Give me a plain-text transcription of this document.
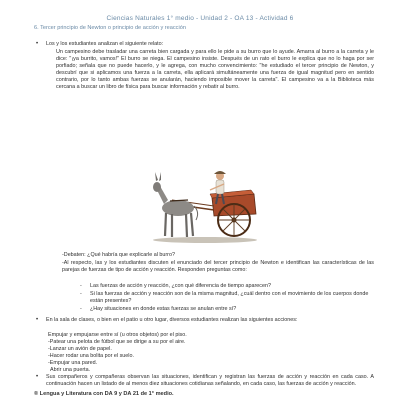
Ciencias Naturales 1° medio - Unidad 2 - OA 13 - Actividad 6
6. Tercer principio de Newton o principio de acción y reacción
• Los y los estudiantes analizan el siguiente relato:
Un campesino debe trasladar una carreta bien cargada y para ello le pide a su burro que lo ayude. Amarra al burro a la carreta y le dice: "¡ya burrito, vamos!" El burro se niega. El campesino insiste. Después de un rato el burro le explica que no lo haga por ser porfiado; señala que no puede hacerlo, y le agrega, con mucho convencimiento: "he estudiado el tercer principio de Newton, y descubrí que si aplicamos una fuerza a la carreta, ella aplicará simultáneamente una fuerza de igual magnitud pero en sentido contrario, por lo tanto ambas fuerzas se anularán, haciendo imposible mover la carreta". El campesino va a la Biblioteca más cercana a buscar un libro de física para buscar información y rebatir al burro.
-Debaten: ¿Qué habría que explicarle al burro?
-Al respecto, las y los estudiantes discuten el enunciado del tercer principio de Newton e identifican las características de las parejas de fuerzas de tipo de acción y reacción. Responden preguntas como:
- Las fuerzas de acción y reacción, ¿con qué diferencia de tiempo aparecen?
- Si las fuerzas de acción y reacción son de la misma magnitud, ¿cuál dentro con el movimiento de los cuerpos donde están presentes?
- ¿Hay situaciones en donde estas fuerzas se anulan entre sí?
• En la sala de clases, o bien en el patio u otro lugar, diversos estudiantes realizan las siguientes acciones:
Empujar y empujarse entre sí (u otros objetos) por el piso.
-Patear una pelota de fútbol que se dirige a su por el aire.
-Lanzar un avión de papel.
-Hacer rodar una bolita por el suelo.
-Empujar una pared.
Abrir una puerta.
• Sus compañeros y compañeras observan las situaciones, identifican y registran las fuerzas de acción y reacción en cada caso. A continuación hacen un listado de al menos diez situaciones cotidianas señalando, en cada caso, las fuerzas de acción y reacción.
® Lengua y Literatura con DA 9 y DA 21 de 1° medio.
